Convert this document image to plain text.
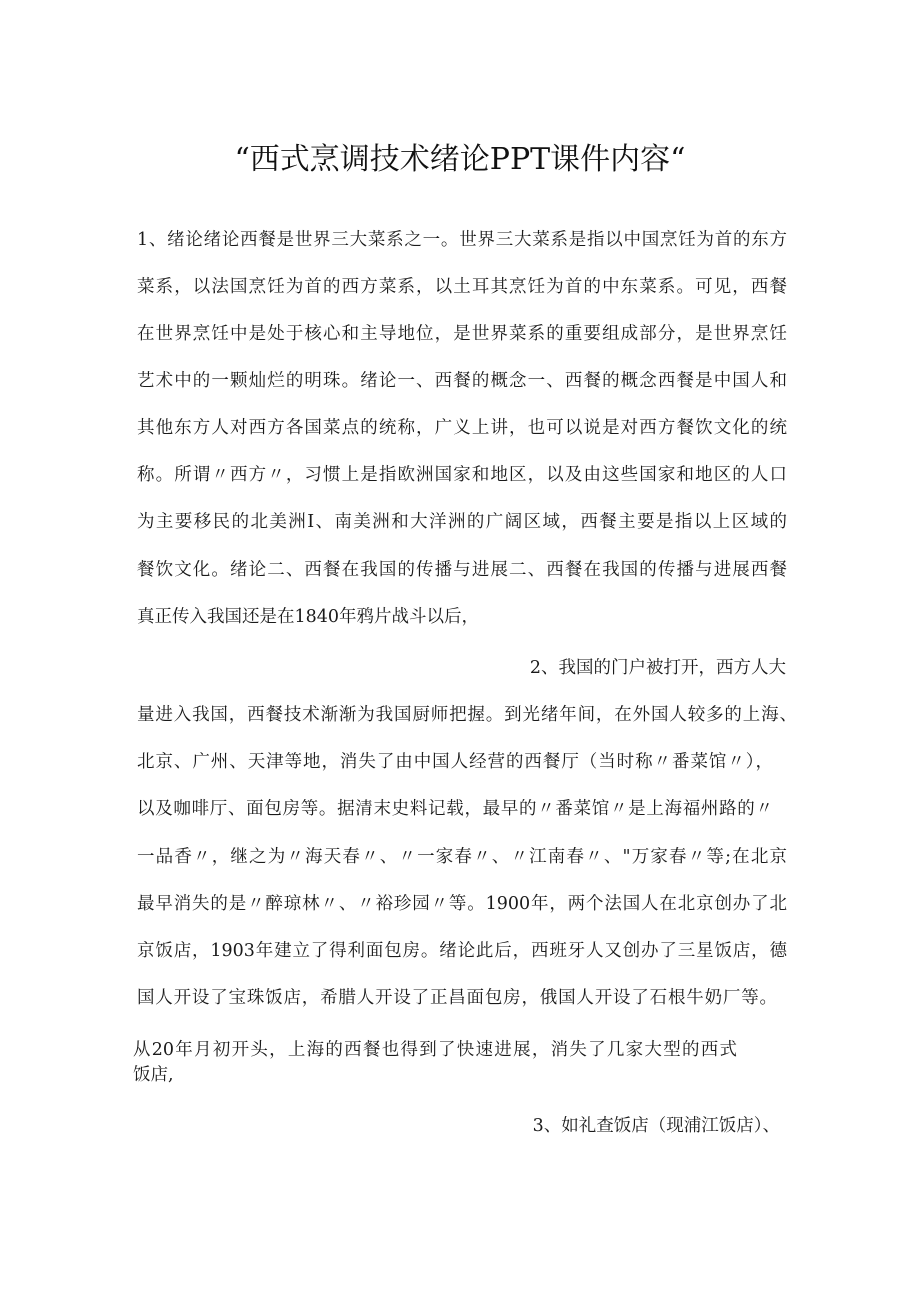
“西式烹调技术绪论PPT课件内容“
1、绪论绪论西餐是世界三大菜系之一。世界三大菜系是指以中国烹饪为首的东方
菜系，以法国烹饪为首的西方菜系，以土耳其烹饪为首的中东菜系。可见，西餐
在世界烹饪中是处于核心和主导地位，是世界菜系的重要组成部分，是世界烹饪
艺术中的一颗灿烂的明珠。绪论一、西餐的概念一、西餐的概念西餐是中国人和
其他东方人对西方各国菜点的统称，广义上讲，也可以说是对西方餐饮文化的统
称。所谓〃西方〃，习惯上是指欧洲国家和地区，以及由这些国家和地区的人口
为主要移民的北美洲I、南美洲和大洋洲的广阔区域，西餐主要是指以上区域的
餐饮文化。绪论二、西餐在我国的传播与进展二、西餐在我国的传播与进展西餐
真正传入我国还是在1840年鸦片战斗以后，
2、我国的门户被打开，西方人大
量进入我国，西餐技术渐渐为我国厨师把握。到光绪年间，在外国人较多的上海、
北京、广州、天津等地，消失了由中国人经营的西餐厅（当时称〃番菜馆〃），
以及咖啡厅、面包房等。据清末史料记载，最早的〃番菜馆〃是上海福州路的〃
一品香〃，继之为〃海天春〃、〃一家春〃、〃江南春〃、"万家春〃等;在北京
最早消失的是〃醉琼林〃、〃裕珍园〃等。1900年，两个法国人在北京创办了北
京饭店，1903年建立了得利面包房。绪论此后，西班牙人又创办了三星饭店，德
国人开设了宝珠饭店，希腊人开设了正昌面包房，俄国人开设了石根牛奶厂等。
从20年月初开头，上海的西餐也得到了快速进展，消失了几家大型的西式
饭店,
3、如礼查饭店（现浦江饭店）、
